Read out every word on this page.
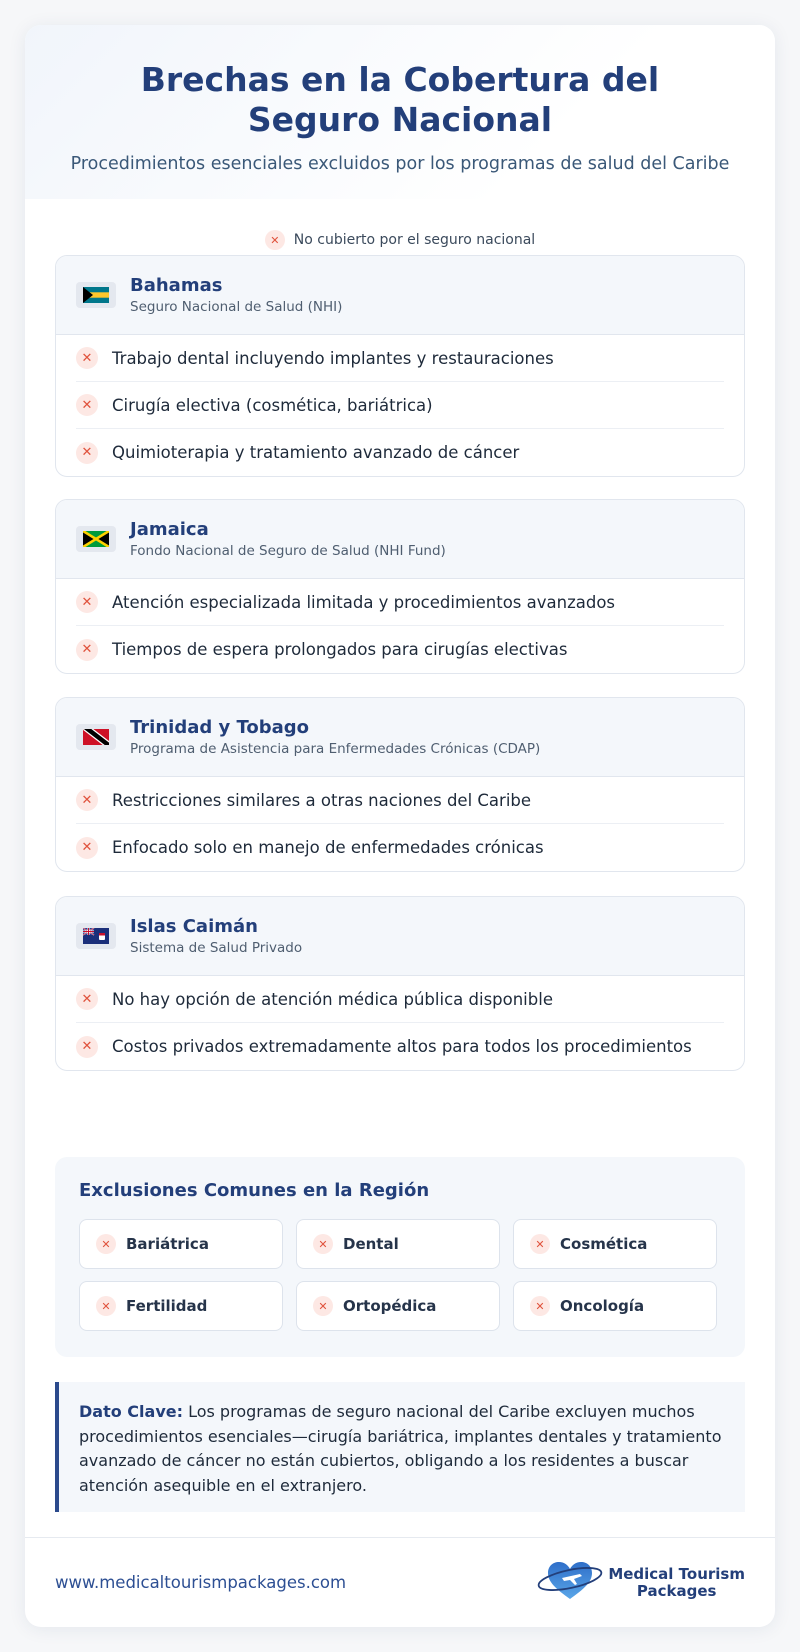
Brechas en la Cobertura del Seguro Nacional

Procedimientos esenciales excluidos por los programas de salud del Caribe

✕	No cubierto por el seguro nacional
Bahamas
Seguro Nacional de Salud (NHI)
✕	Trabajo dental incluyendo implantes y restauraciones
✕	Cirugía electiva (cosmética, bariátrica)
✕	Quimioterapia y tratamiento avanzado de cáncer
Jamaica
Fondo Nacional de Seguro de Salud (NHI Fund)
✕	Atención especializada limitada y procedimientos avanzados
✕	Tiempos de espera prolongados para cirugías electivas
Trinidad y Tobago
Programa de Asistencia para Enfermedades Crónicas (CDAP)
✕	Restricciones similares a otras naciones del Caribe
✕	Enfocado solo en manejo de enfermedades crónicas
Islas Caimán
Sistema de Salud Privado
✕	No hay opción de atención médica pública disponible
✕	Costos privados extremadamente altos para todos los procedimientos
Exclusiones Comunes en la Región
✕	Bariátrica	✕	Dental	✕	Cosmética
✕	Fertilidad	✕	Ortopédica	✕	Oncología
Dato Clave: Los programas de seguro nacional del Caribe excluyen muchos procedimientos esenciales—cirugía bariátrica, implantes dentales y tratamiento avanzado de cáncer no están cubiertos, obligando a los residentes a buscar atención asequible en el extranjero.
www.medicaltourismpackages.com	Medical Tourism
Packages
